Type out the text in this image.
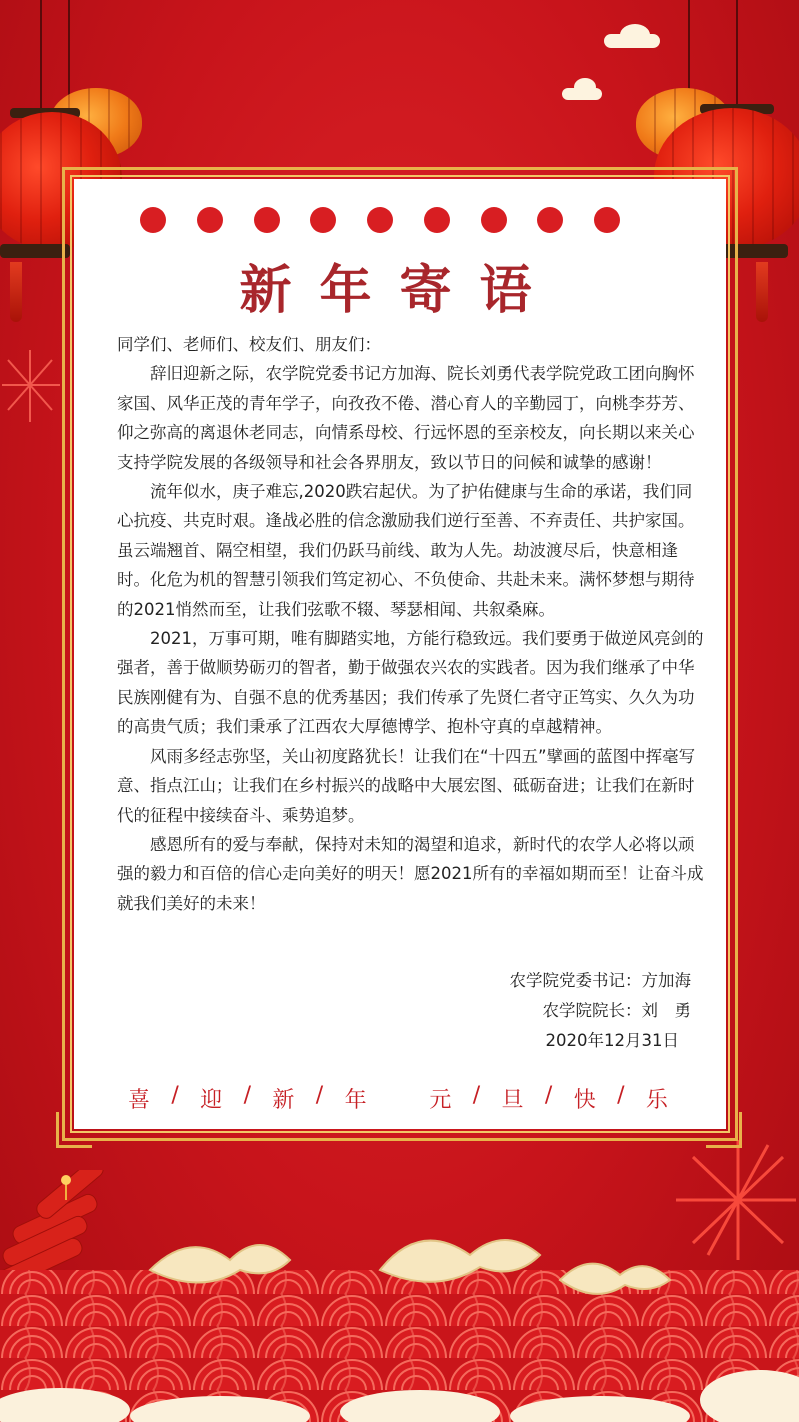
新年寄语

同学们、老师们、校友们、朋友们：

辞旧迎新之际，农学院党委书记方加海、院长刘勇代表学院党政工团向胸怀家国、风华正茂的青年学子，向孜孜不倦、潜心育人的辛勤园丁，向桃李芬芳、仰之弥高的离退休老同志，向情系母校、行远怀恩的至亲校友，向长期以来关心支持学院发展的各级领导和社会各界朋友，致以节日的问候和诚挚的感谢！

流年似水，庚子难忘,2020跌宕起伏。为了护佑健康与生命的承诺，我们同心抗疫、共克时艰。逢战必胜的信念激励我们逆行至善、不弃责任、共护家国。虽云端翘首、隔空相望，我们仍跃马前线、敢为人先。劫波渡尽后，快意相逢时。化危为机的智慧引领我们笃定初心、不负使命、共赴未来。满怀梦想与期待的2021悄然而至，让我们弦歌不辍、琴瑟相闻、共叙桑麻。

2021，万事可期，唯有脚踏实地，方能行稳致远。我们要勇于做逆风亮剑的强者，善于做顺势砺刃的智者，勤于做强农兴农的实践者。因为我们继承了中华民族刚健有为、自强不息的优秀基因；我们传承了先贤仁者守正笃实、久久为功的高贵气质；我们秉承了江西农大厚德博学、抱朴守真的卓越精神。

风雨多经志弥坚，关山初度路犹长！让我们在“十四五”擘画的蓝图中挥毫写意、指点江山；让我们在乡村振兴的战略中大展宏图、砥砺奋进；让我们在新时代的征程中接续奋斗、乘势追梦。

感恩所有的爱与奉献，保持对未知的渴望和追求，新时代的农学人必将以顽强的毅力和百倍的信心走向美好的明天！愿2021所有的幸福如期而至！让奋斗成就我们美好的未来！

农学院党委书记：方加海
农学院院长：刘　勇
2020年12月31日
喜 / 迎 / 新 / 年	元 / 旦 / 快 / 乐
